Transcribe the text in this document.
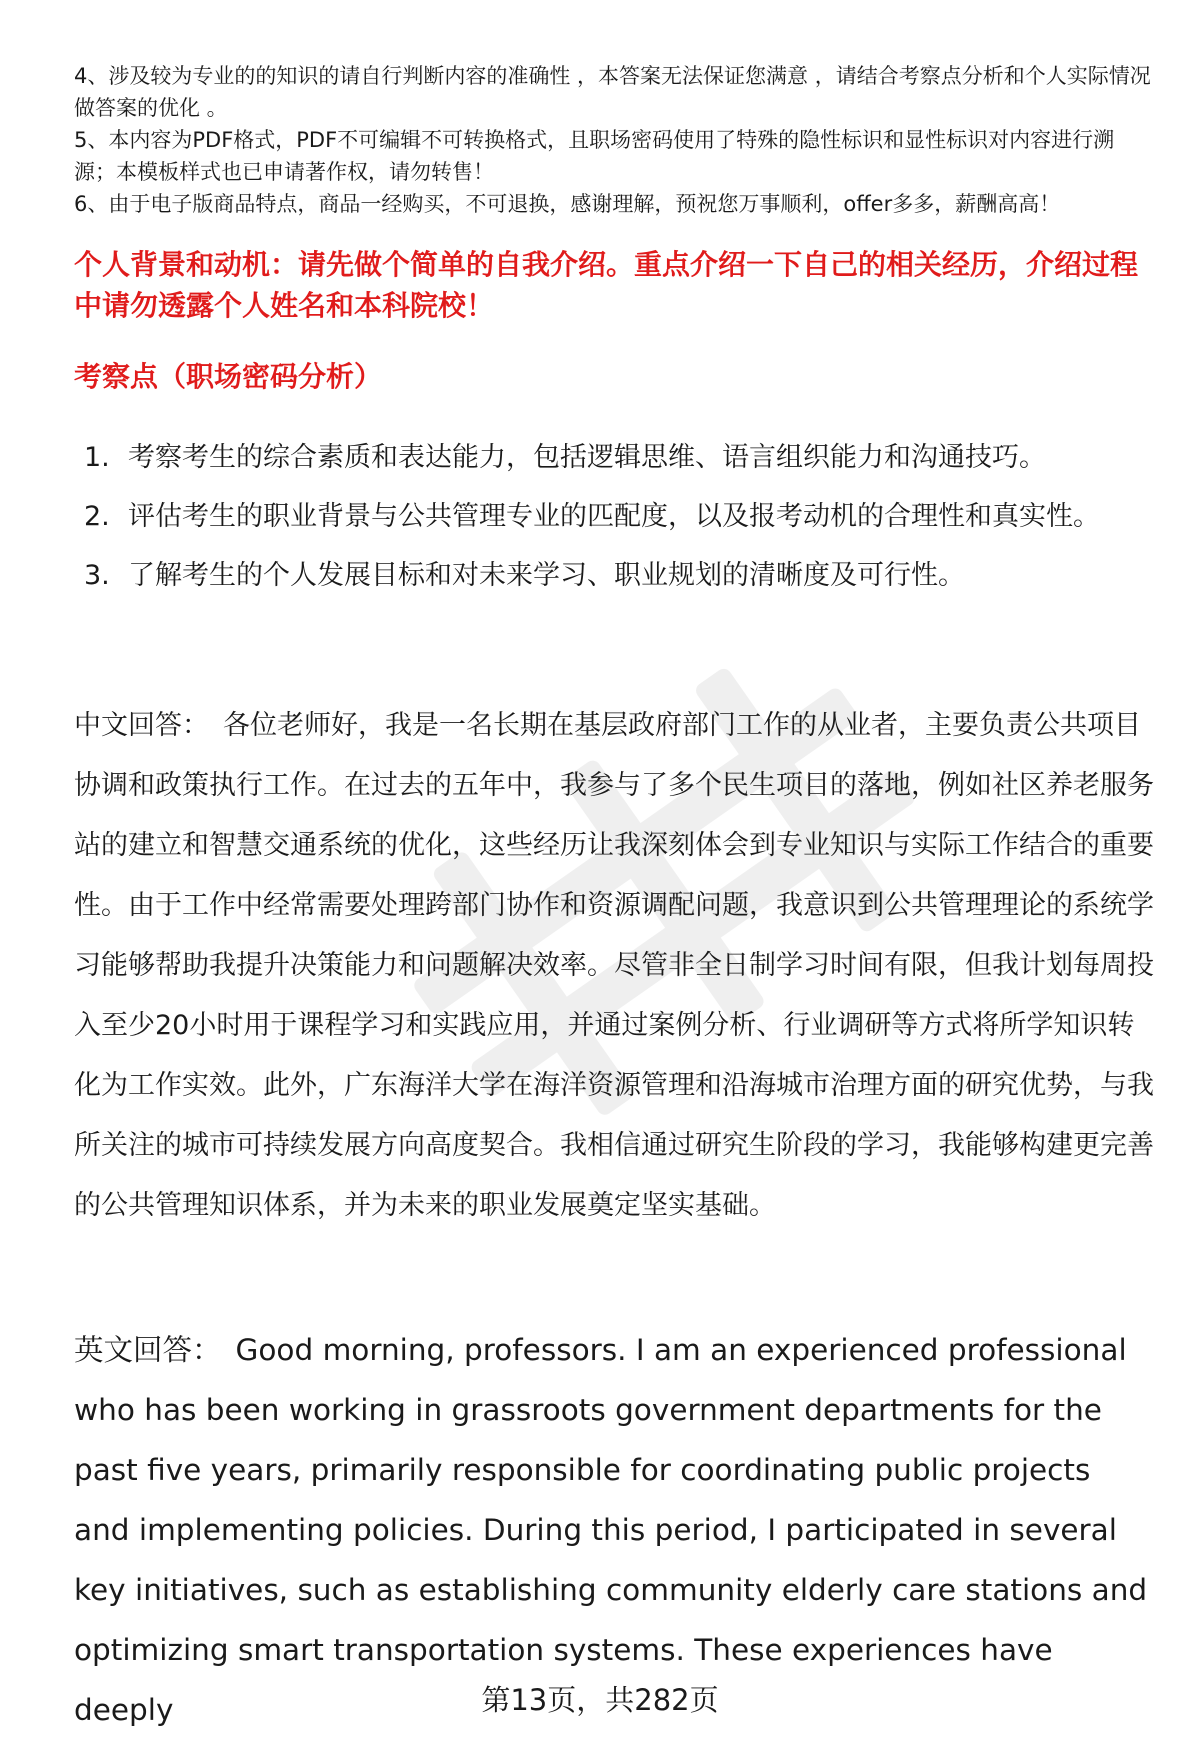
4、涉及较为专业的的知识的请自行判断内容的准确性 ，本答案无法保证您满意 ，请结合考察点分析和个人实际情况做答案的优化 。

5、本内容为PDF格式，PDF不可编辑不可转换格式，且职场密码使用了特殊的隐性标识和显性标识对内容进行溯源；本模板样式也已申请著作权，请勿转售！

6、由于电子版商品特点，商品一经购买，不可退换，感谢理解，预祝您万事顺利，offer多多，薪酬高高！

个人背景和动机：请先做个简单的自我介绍。重点介绍一下自己的相关经历，介绍过程中请勿透露个人姓名和本科院校！
考察点（职场密码分析）
1. 考察考生的综合素质和表达能力，包括逻辑思维、语言组织能力和沟通技巧。
2. 评估考生的职业背景与公共管理专业的匹配度，以及报考动机的合理性和真实性。
3. 了解考生的个人发展目标和对未来学习、职业规划的清晰度及可行性。

中文回答： 各位老师好，我是一名长期在基层政府部门工作的从业者，主要负责公共项目协调和政策执行工作。在过去的五年中，我参与了多个民生项目的落地，例如社区养老服务站的建立和智慧交通系统的优化，这些经历让我深刻体会到专业知识与实际工作结合的重要性。由于工作中经常需要处理跨部门协作和资源调配问题，我意识到公共管理理论的系统学习能够帮助我提升决策能力和问题解决效率。尽管非全日制学习时间有限，但我计划每周投入至少20小时用于课程学习和实践应用，并通过案例分析、行业调研等方式将所学知识转化为工作实效。此外，广东海洋大学在海洋资源管理和沿海城市治理方面的研究优势，与我所关注的城市可持续发展方向高度契合。我相信通过研究生阶段的学习，我能够构建更完善的公共管理知识体系，并为未来的职业发展奠定坚实基础。

英文回答： Good morning, professors. I am an experienced professional who has been working in grassroots government departments for the past five years, primarily responsible for coordinating public projects and implementing policies. During this period, I participated in several key initiatives, such as establishing community elderly care stations and optimizing smart transportation systems. These experiences have deeply	第13页，共282页
